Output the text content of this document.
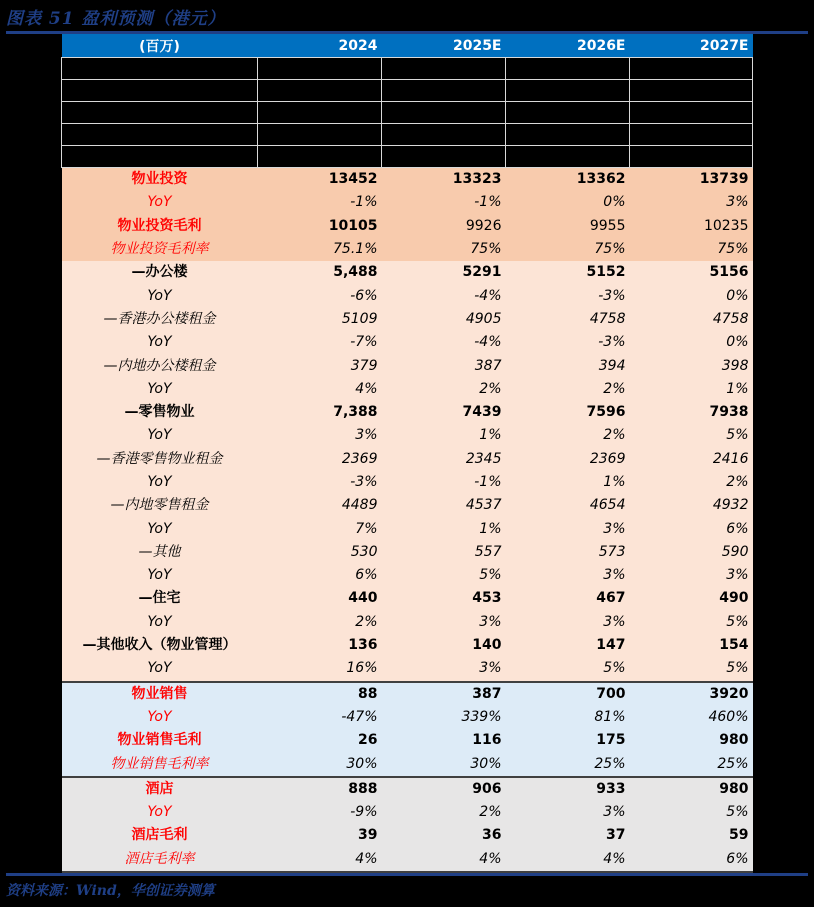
图表 51 盈利预测（港元）
(百万)	2024	2025E	2026E	2027E

物业投资	13452	13323	13362	13739
YoY	-1%	-1%	0%	3%
物业投资毛利	10105	9926	9955	10235
物业投资毛利率	75.1%	75%	75%	75%
—办公楼	5,488	5291	5152	5156
YoY	-6%	-4%	-3%	0%
—香港办公楼租金	5109	4905	4758	4758
YoY	-7%	-4%	-3%	0%
—内地办公楼租金	379	387	394	398
YoY	4%	2%	2%	1%
—零售物业	7,388	7439	7596	7938
YoY	3%	1%	2%	5%
—香港零售物业租金	2369	2345	2369	2416
YoY	-3%	-1%	1%	2%
—内地零售租金	4489	4537	4654	4932
YoY	7%	1%	3%	6%
—其他	530	557	573	590
YoY	6%	5%	3%	3%
—住宅	440	453	467	490
YoY	2%	3%	3%	5%
—其他收入（物业管理）	136	140	147	154
YoY	16%	3%	5%	5%
物业销售	88	387	700	3920
YoY	-47%	339%	81%	460%
物业销售毛利	26	116	175	980
物业销售毛利率	30%	30%	25%	25%
酒店	888	906	933	980
YoY	-9%	2%	3%	5%
酒店毛利	39	36	37	59
酒店毛利率	4%	4%	4%	6%
资料来源：Wind，华创证券测算
